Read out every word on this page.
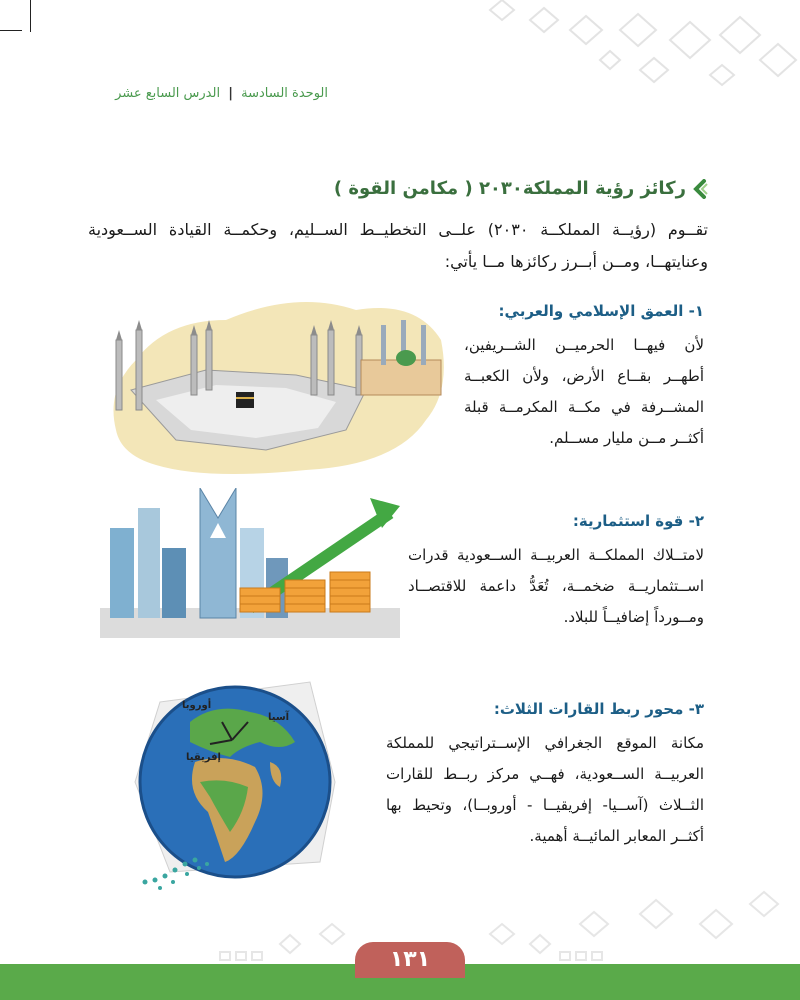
الوحدة السادسة | الدرس السابع عشر
ركائز رؤية المملكة٢٠٣٠ ( مكامن القوة )
تقــوم (رؤيــة المملكــة ٢٠٣٠) علــى التخطيــط الســليم، وحكمــة القيادة الســعودية وعنايتهــا، ومــن أبــرز ركائزها مــا يأتي:
١- العمق الإسلامي والعربي:
لأن فيهــا الحرميــن الشــريفين، أطهــر بقــاع الأرض، ولأن الكعبــة المشــرفة في مكــة المكرمــة قبلة أكثــر مــن مليار مســلم.
٢- قوة استثمارية:
لامتــلاك المملكــة العربيــة الســعودية قدرات اســتثماريــة ضخمــة، تُعَدُّ داعمة للاقتصــاد ومــورداً إضافيــاً للبلاد.
٣- محور ربط القارات الثلاث:
مكانة الموقع الجغرافي الإســتراتيجي للمملكة العربيــة الســعودية، فهــي مركز ربــط للقارات الثــلاث (آســيا- إفريقيــا - أوروبــا)، وتحيط بها أكثــر المعابر المائيــة أهمية.
أوروبا
آسيا
إفريقيا
١٣١
